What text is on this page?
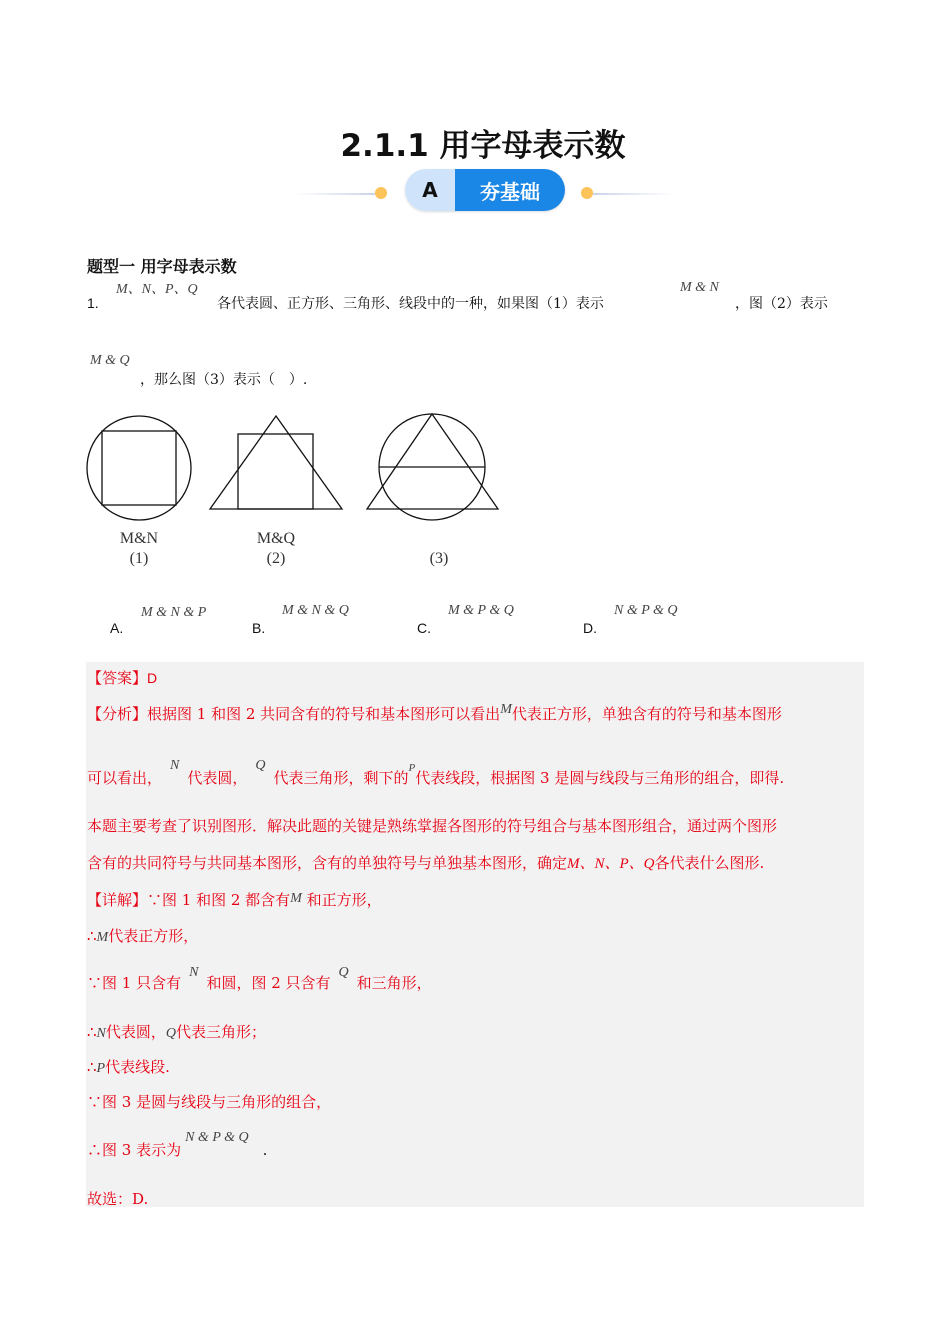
2.1.1 用字母表示数
A	夯基础
题型一 用字母表示数
1.
M、N、P、Q
各代表圆、正方形、三角形、线段中的一种，如果图（1）表示
M & N
，图（2）表示
M & Q
，那么图（3）表示（　）.
M&N
(1)
M&Q
(2)	(3)
A.
M & N & P
B.
M & N & Q
C.
M & P & Q
D.
N & P & Q
【答案】D
【分析】根据图 1 和图 2 共同含有的符号和基本图形可以看出M代表正方形，单独含有的符号和基本图形
可以看出，N代表圆，Q代表三角形，剩下的$^P$代表线段，根据图 3 是圆与线段与三角形的组合，即得.
本题主要考查了识别图形．解决此题的关键是熟练掌握各图形的符号组合与基本图形组合，通过两个图形
含有的共同符号与共同基本图形，含有的单独符号与单独基本图形，确定M、N、P、Q各代表什么图形.
【详解】∵图 1 和图 2 都含有M 和正方形，
∴M代表正方形，
∵图 1 只含有N和圆，图 2 只含有Q和三角形，
∴N代表圆，Q代表三角形；
∴P代表线段.
∵图 3 是圆与线段与三角形的组合，
∴图 3 表示为N & P & Q.
故选：D.
